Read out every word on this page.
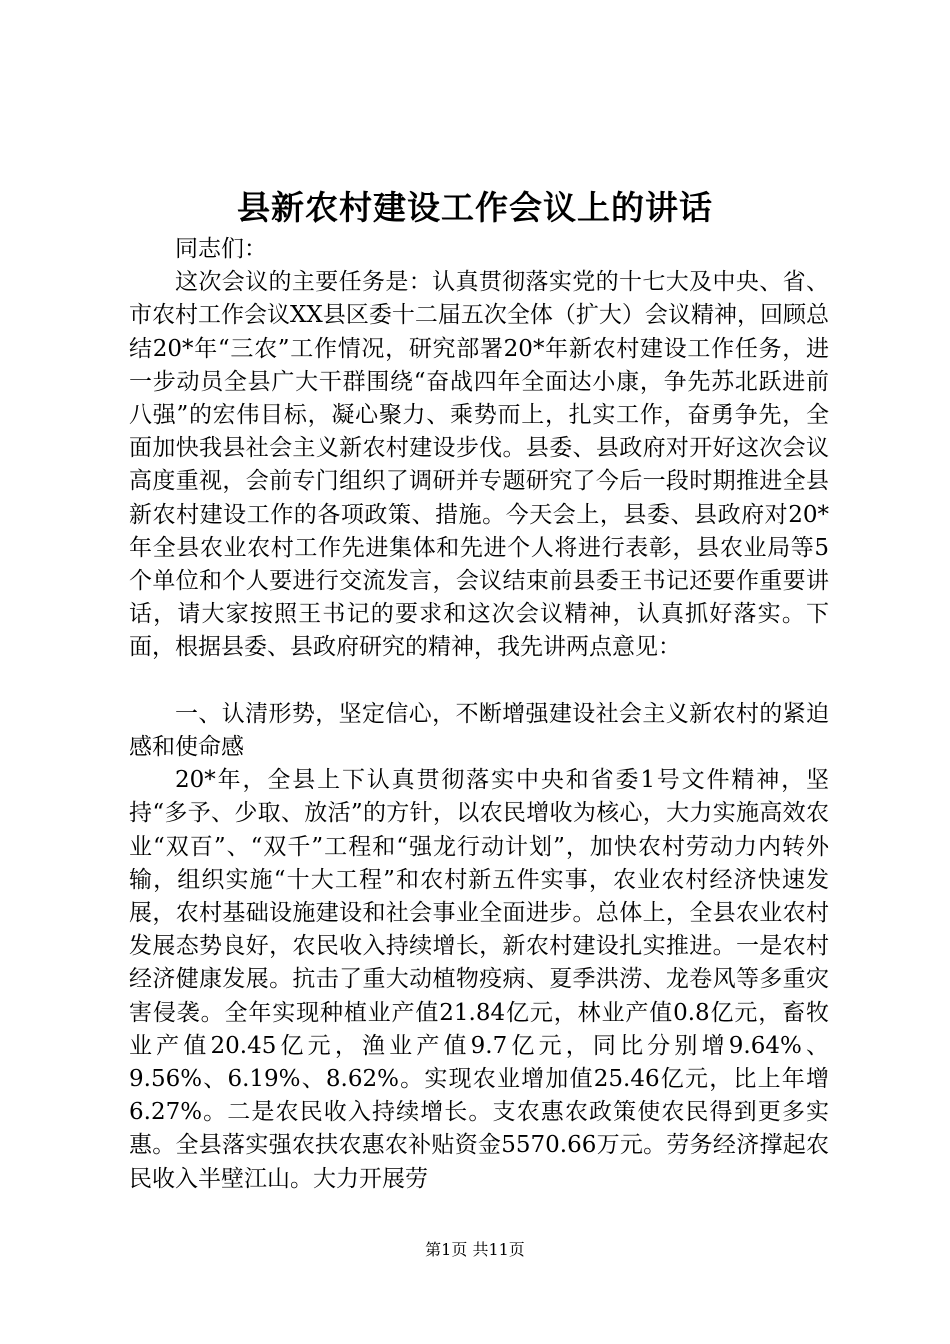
县新农村建设工作会议上的讲话

同志们：

这次会议的主要任务是：认真贯彻落实党的十七大及中央、省、市农村工作会议XX县区委十二届五次全体（扩大）会议精神，回顾总结20*年“三农”工作情况，研究部署20*年新农村建设工作任务，进一步动员全县广大干群围绕“奋战四年全面达小康，争先苏北跃进前八强”的宏伟目标，凝心聚力、乘势而上，扎实工作，奋勇争先，全面加快我县社会主义新农村建设步伐。县委、县政府对开好这次会议高度重视，会前专门组织了调研并专题研究了今后一段时期推进全县新农村建设工作的各项政策、措施。今天会上，县委、县政府对20*年全县农业农村工作先进集体和先进个人将进行表彰，县农业局等5个单位和个人要进行交流发言，会议结束前县委王书记还要作重要讲话，请大家按照王书记的要求和这次会议精神，认真抓好落实。下面，根据县委、县政府研究的精神，我先讲两点意见：

一、认清形势，坚定信心，不断增强建设社会主义新农村的紧迫感和使命感

20*年，全县上下认真贯彻落实中央和省委1号文件精神，坚持“多予、少取、放活”的方针，以农民增收为核心，大力实施高效农业“双百”、“双千”工程和“强龙行动计划”，加快农村劳动力内转外输，组织实施“十大工程”和农村新五件实事，农业农村经济快速发展，农村基础设施建设和社会事业全面进步。总体上，全县农业农村发展态势良好，农民收入持续增长，新农村建设扎实推进。一是农村经济健康发展。抗击了重大动植物疫病、夏季洪涝、龙卷风等多重灾害侵袭。全年实现种植业产值21.84亿元，林业产值0.8亿元，畜牧业产值20.45亿元，渔业产值9.7亿元，同比分别增9.64%、9.56%、6.19%、8.62%。实现农业增加值25.46亿元，比上年增6.27%。二是农民收入持续增长。支农惠农政策使农民得到更多实惠。全县落实强农扶农惠农补贴资金5570.66万元。劳务经济撑起农民收入半壁江山。大力开展劳

第1页 共11页
